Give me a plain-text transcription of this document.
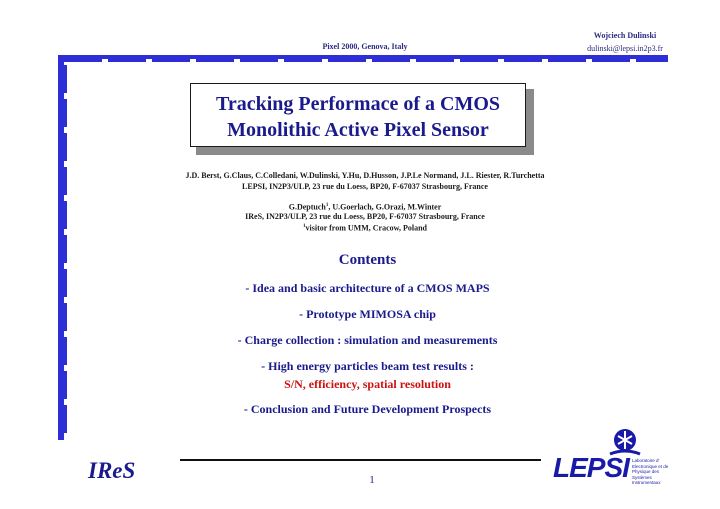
Pixel 2000, Genova, Italy
Wojciech Dulinski
dulinski@lepsi.in2p3.fr
Tracking Performace of a CMOS
Monolithic Active Pixel Sensor
J.D. Berst, G.Claus, C.Colledani, W.Dulinski, Y.Hu, D.Husson, J.P.Le Normand, J.L. Riester, R.Turchetta
LEPSI, IN2P3/ULP, 23 rue du Loess, BP20, F-67037 Strasbourg, France
G.Deptuch$^1$, U.Goerlach, G.Orazi, M.Winter
IReS, IN2P3/ULP, 23 rue du Loess, BP20, F-67037 Strasbourg, France
$^1$visitor from UMM, Cracow, Poland
Contents
- Idea and basic architecture of a CMOS MAPS
- Prototype MIMOSA chip
- Charge collection : simulation and measurements
- High energy particles beam test results :
S/N, efficiency, spatial resolution
- Conclusion and Future Development Prospects
IReS	1	LEPSI Laboratoire d'
Electronique et de
Physique des
Systèmes
Instrumentaux
